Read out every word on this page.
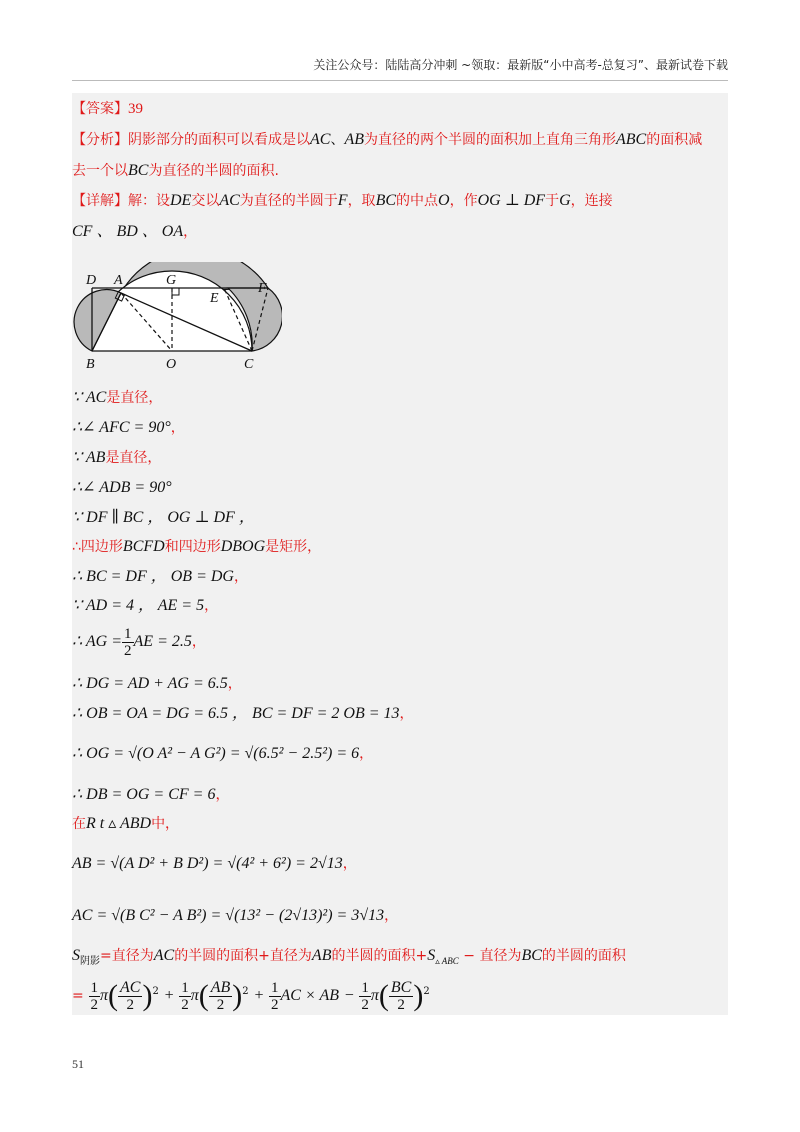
关注公众号：陆陆高分冲刺 ~领取：最新版“小中高考-总复习”、最新试卷下载
【答案】39
【分析】阴影部分的面积可以看成是以AC、AB为直径的两个半圆的面积加上直角三角形ABC的面积减
去一个以BC为直径的半圆的面积.
【详解】解：设DE交以AC为直径的半圆于F，取BC的中点O，作OG ⊥ DF于G，连接
CF 、 BD 、 OA，
D A	G
E
F
B	O	C
∵ AC是直径，
∴∠ AFC = 90°，
∵ AB是直径，
∴∠ ADB = 90°
∵ DF ∥ BC ， OG ⊥ DF ，
∴四边形BCFD和四边形DBOG是矩形，
∴ BC = DF ， OB = DG，
∵ AD = 4 ， AE = 5，
∴ AG = $\frac{1}{2}$ AE = 2.5，
∴ DG = AD + AG = 6.5，
∴ OB = OA = DG = 6.5 ， BC = DF = 2 OB = 13，
∴ OG = √(O A² − A G²) = √(6.5² − 2.5²) = 6，
∴ DB = OG = CF = 6，
在R t ▵ ABD中，
AB = √(A D² + B D²) = √(4² + 6²) = 2√13，
AC = √(B C² − A B²) = √(13² − (2√13)²) = 3√13，
$S_{阴影}=$直径为AC的半圆的面积+直径为AB的半圆的面积$+S_{▵ ABC}$ − 直径为BC的半圆的面积
= $\frac{1}{2} \pi( \frac{AC}{2} )^2 + \frac{1}{2} \pi( \frac{AB}{2} )^2 + \frac{1}{2}$ AC × AB − $\frac{1}{2} \pi( \frac{BC}{2} )^2$
51
